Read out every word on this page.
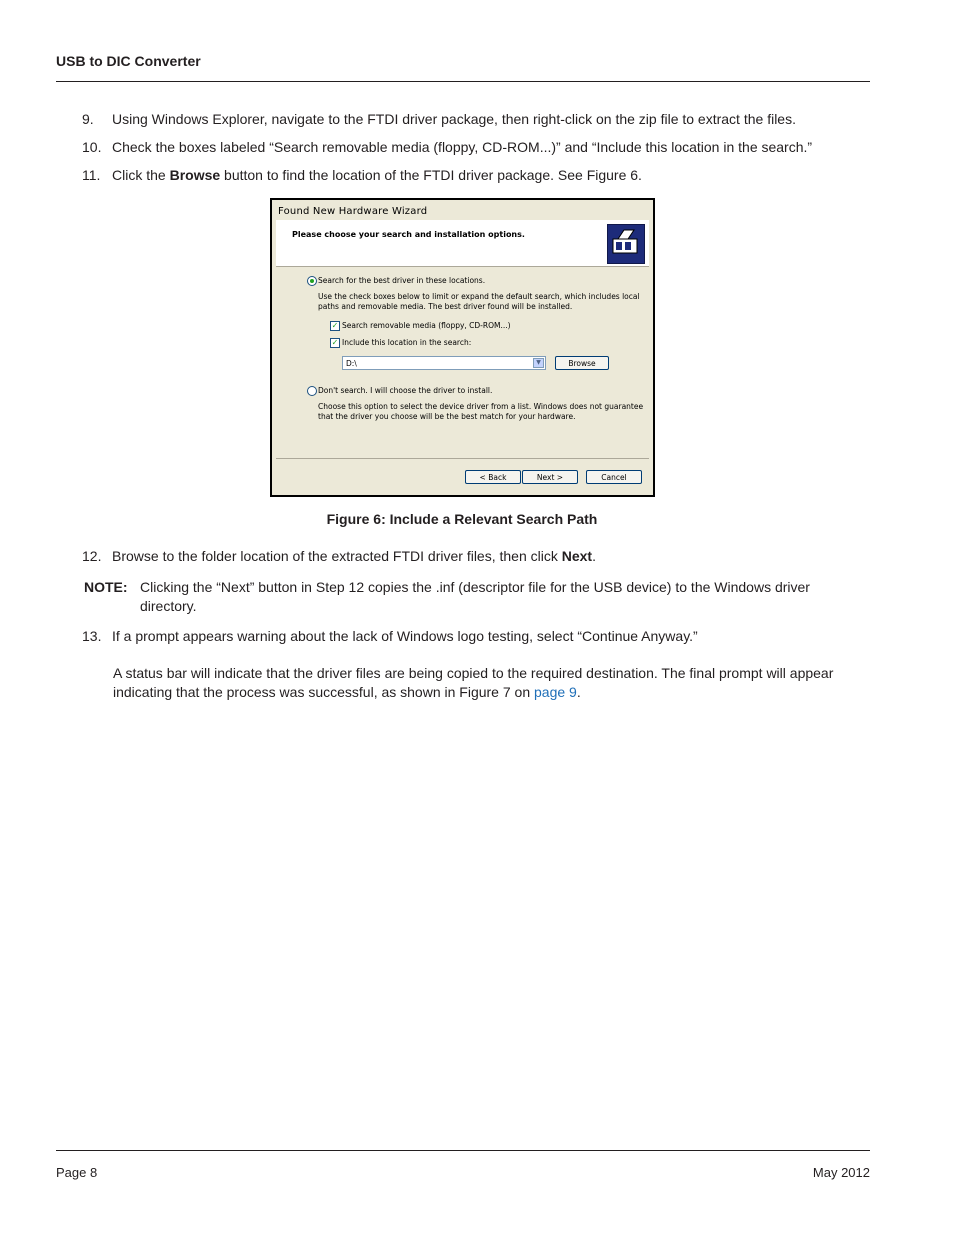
USB to DIC Converter
9. Using Windows Explorer, navigate to the FTDI driver package, then right-click on the zip file to extract the files.
10. Check the boxes labeled “Search removable media (floppy, CD-ROM...)” and “Include this location in the search.”
11. Click the Browse button to find the location of the FTDI driver package. See Figure 6.
Found New Hardware Wizard
Please choose your search and installation options.
Search for the best driver in these locations.
Use the check boxes below to limit or expand the default search, which includes local paths and removable media. The best driver found will be installed.
✓ Search removable media (floppy, CD-ROM...)
✓ Include this location in the search:
D:\	▼	Browse
Don't search. I will choose the driver to install.
Choose this option to select the device driver from a list. Windows does not guarantee that the driver you choose will be the best match for your hardware.
< Back	Next >	Cancel
Figure 6: Include a Relevant Search Path
12. Browse to the folder location of the extracted FTDI driver files, then click Next.
NOTE: Clicking the “Next” button in Step 12 copies the .inf (descriptor file for the USB device) to the Windows driver directory.
13. If a prompt appears warning about the lack of Windows logo testing, select “Continue Anyway.”
A status bar will indicate that the driver files are being copied to the required destination. The final prompt will appear indicating that the process was successful, as shown in Figure 7 on page 9.
Page 8	May 2012
